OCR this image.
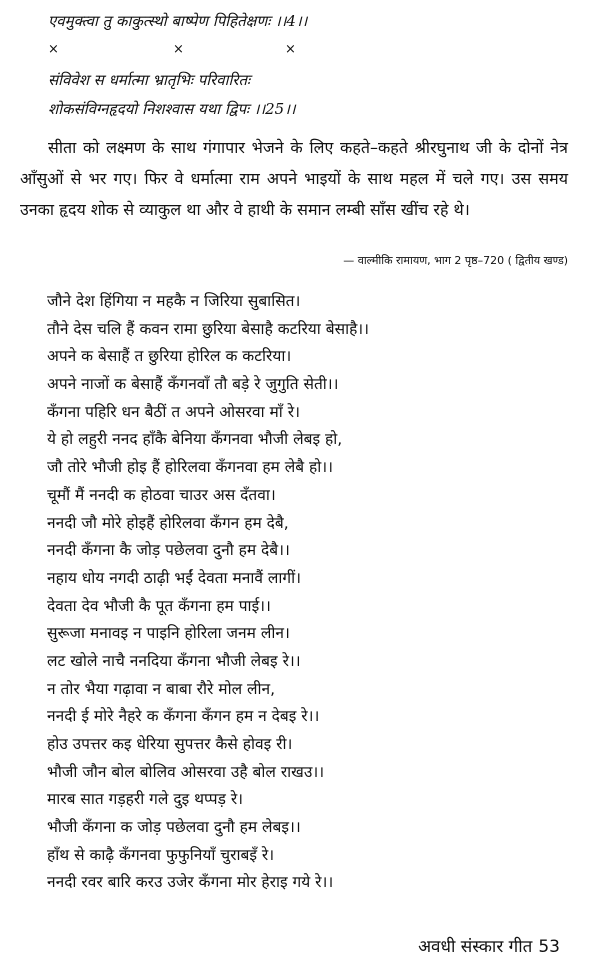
एवमुक्त्वा तु काकुत्स्थो बाष्पेण पिहितेक्षणः ।।4।।
×	×	×
संविवेश स धर्मात्मा भ्रातृभिः परिवारितः
शोकसंविग्नहृदयो निशश्वास यथा द्विपः ।।25।।

सीता को लक्ष्मण के साथ गंगापार भेजने के लिए कहते–कहते श्रीरघुनाथ जी के दोनों नेत्र आँसुओं से भर गए। फिर वे धर्मात्मा राम अपने भाइयों के साथ महल में चले गए। उस समय उनका हृदय शोक से व्याकुल था और वे हाथी के समान लम्बी साँस खींच रहे थे।

— वाल्मीकि रामायण, भाग 2 पृष्ठ–720 ( द्वितीय खण्ड)
जौने देश हिंगिया न महकै न जिरिया सुबासित।
तौने देस चलि हैं कवन रामा छुरिया बेसाहै कटरिया बेसाहै।।
अपने क बेसाहैं त छुरिया होरिल क कटरिया।
अपने नाजों क बेसाहैं कँगनवाँ तौ बड़े रे जुगुति सेती।।
कँगना पहिरि धन बैठीं त अपने ओसरवा माँ रे।
ये हो लहुरी ननद हाँकै बेनिया कँगनवा भौजी लेबइ हो,
जौ तोरे भौजी होइ हैं होरिलवा कँगनवा हम लेबै हो।।
चूमौं मैं ननदी क होठवा चाउर अस दँतवा।
ननदी जौ मोरे होइहैं होरिलवा कँगन हम देबै,
ननदी कँगना कै जोड़ पछेलवा दुनौ हम देबै।।
नहाय धोय नगदी ठाढ़ी भईं देवता मनावैं लागीं।
देवता देव भौजी कै पूत कँगना हम पाई।।
सुरूजा मनावइ न पाइनि होरिला जनम लीन।
लट खोले नाचै ननदिया कँगना भौजी लेबइ रे।।
न तोर भैया गढ़ावा न बाबा रौरे मोल लीन,
ननदी ई मोरे नैहरे क कँगना कँगन हम न देबइ रे।।
होउ उपत्तर कइ धेरिया सुपत्तर कैसे होवइ री।
भौजी जौन बोल बोलिव ओसरवा उहै बोल राखउ।।
मारब सात गड़हरी गले दुइ थप्पड़ रे।
भौजी कँगना क जोड़ पछेलवा दुनौ हम लेबइ।।
हाँथ से काढ़ै कँगनवा फुफुनियाँ चुराबइँ रे।
ननदी रवर बारि करउ उजेर कँगना मोर हेराइ गये रे।।
अवधी संस्कार गीत 53
